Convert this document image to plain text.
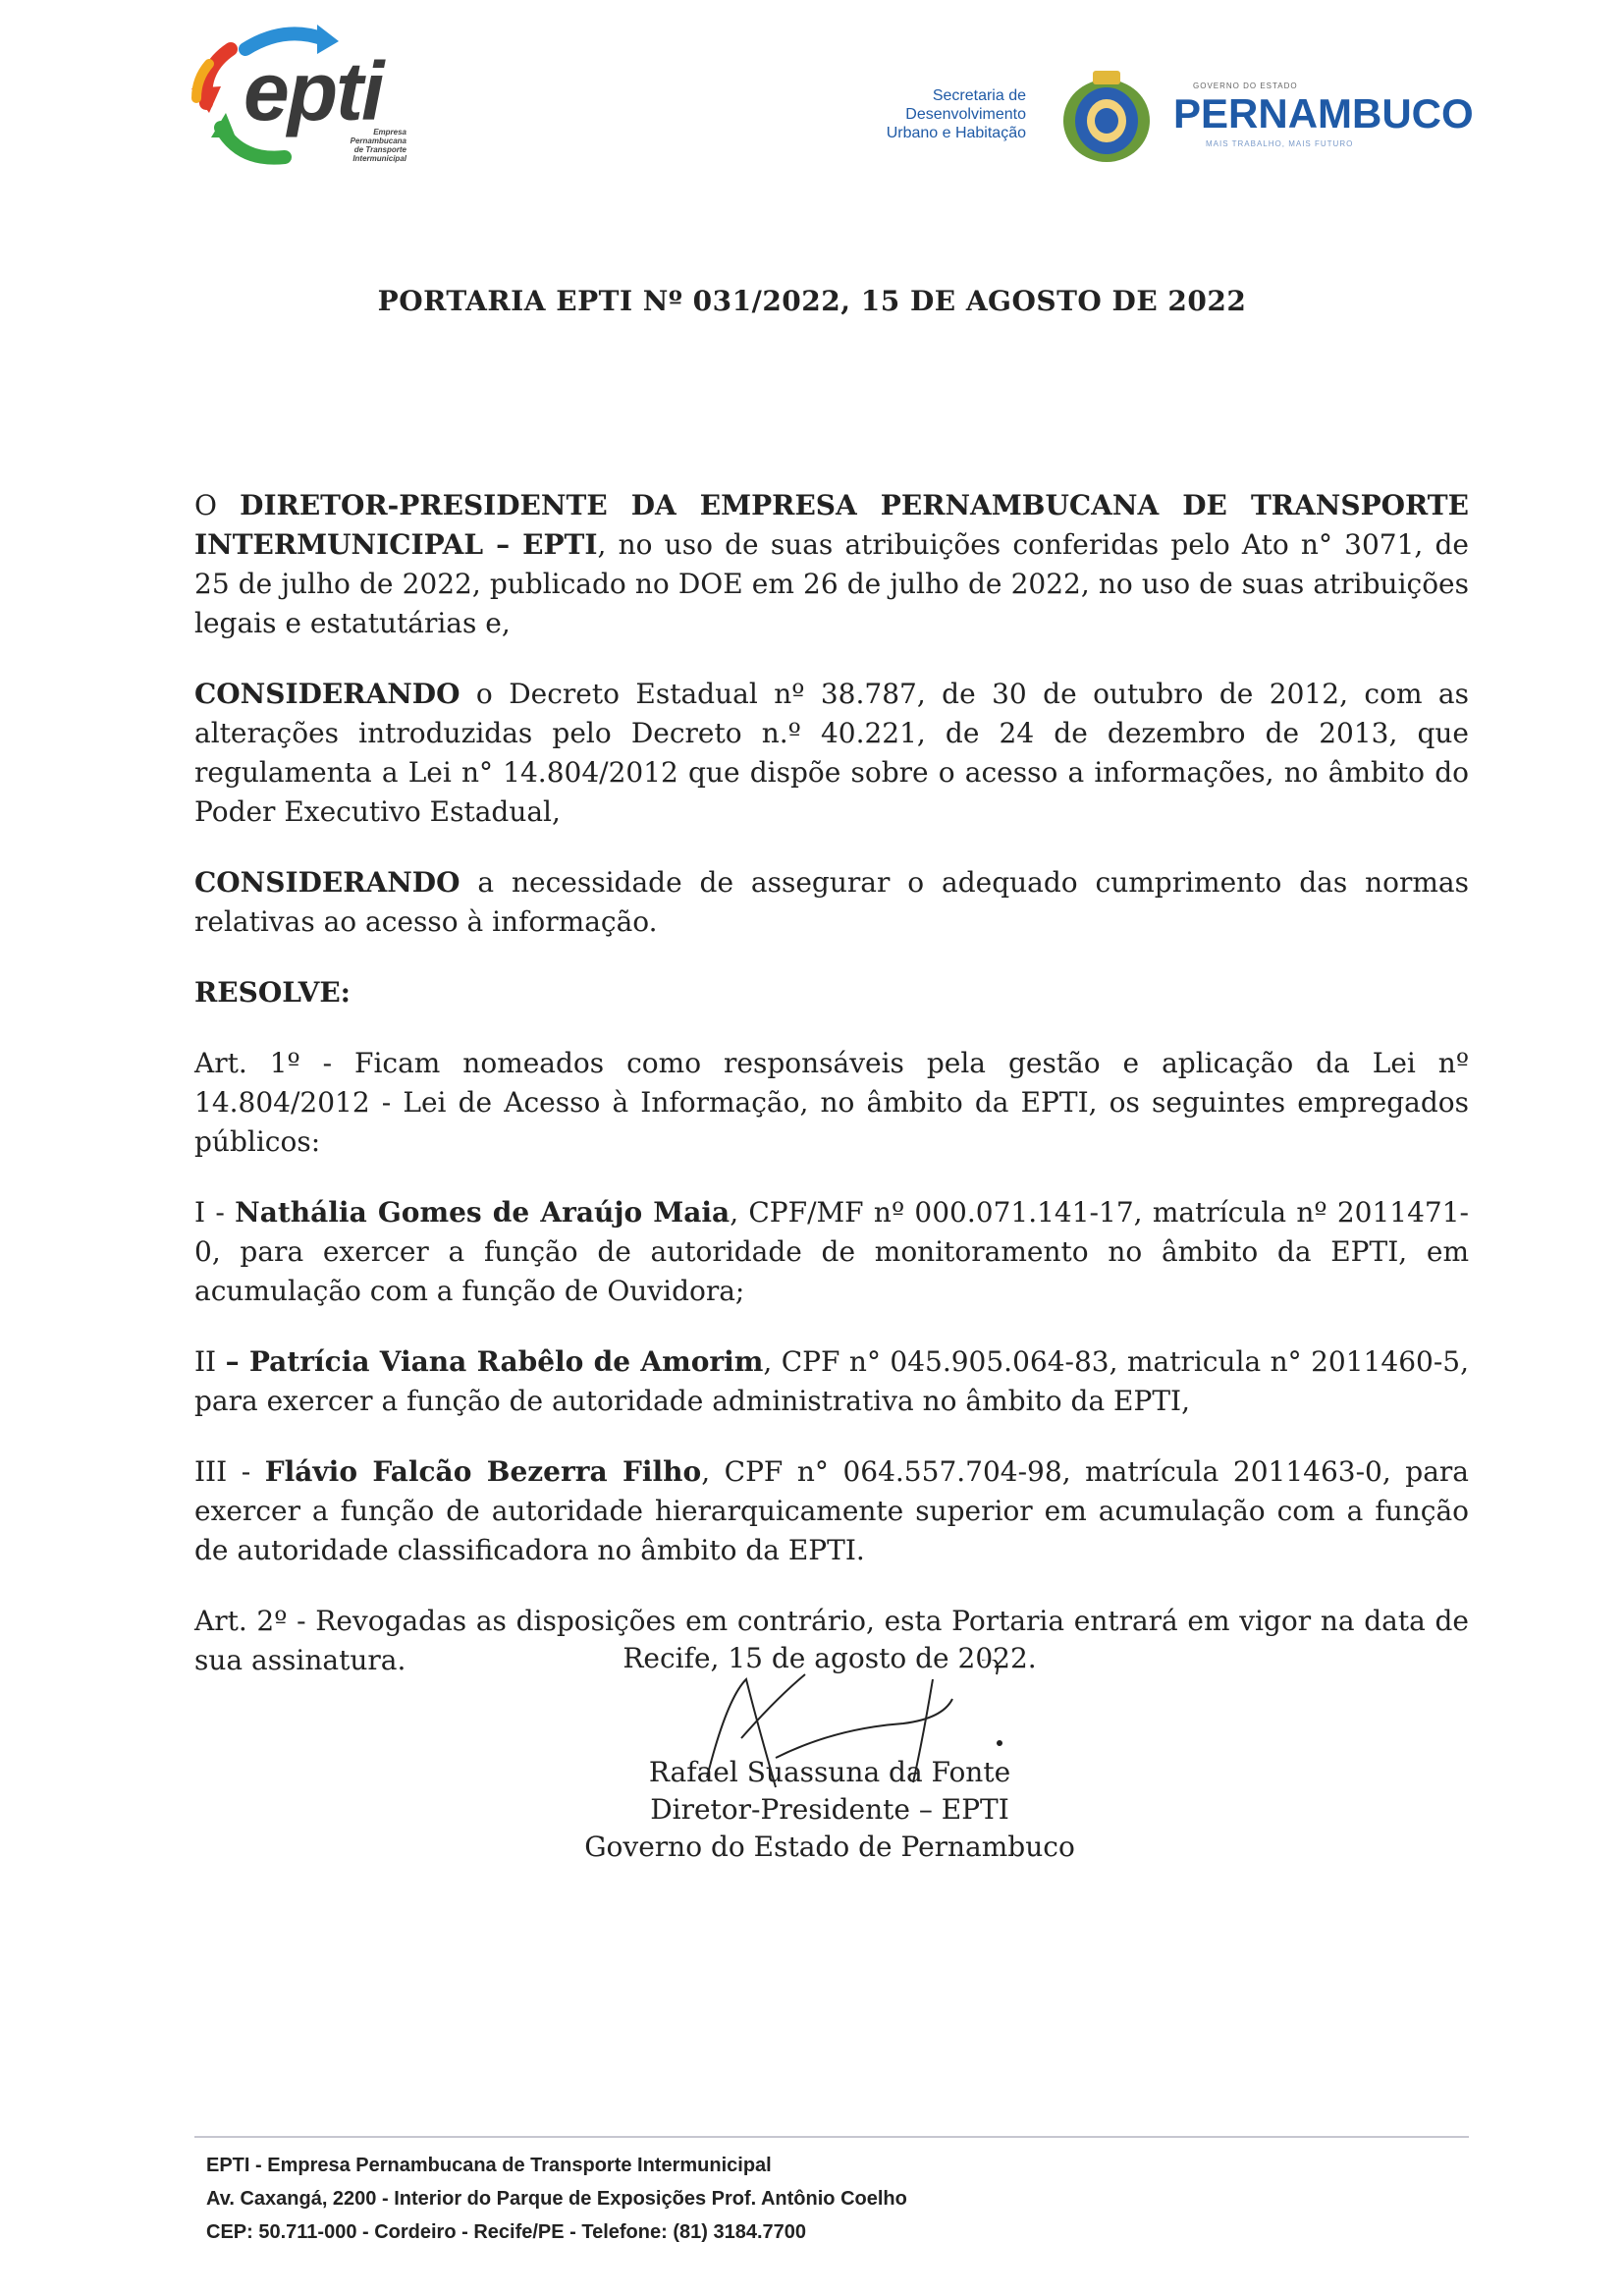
epti
Empresa
Pernambucana
de Transporte
Intermunicipal
Secretaria de
Desenvolvimento
Urbano e Habitação
GOVERNO DO ESTADO
PERNAMBUCO
MAIS TRABALHO, MAIS FUTURO
PORTARIA EPTI Nº 031/2022, 15 DE AGOSTO DE 2022

O DIRETOR-PRESIDENTE DA EMPRESA PERNAMBUCANA DE TRANSPORTE INTERMUNICIPAL – EPTI, no uso de suas atribuições conferidas pelo Ato n° 3071, de 25 de julho de 2022, publicado no DOE em 26 de julho de 2022, no uso de suas atribuições legais e estatutárias e,

CONSIDERANDO o Decreto Estadual nº 38.787, de 30 de outubro de 2012, com as alterações introduzidas pelo Decreto n.º 40.221, de 24 de dezembro de 2013, que regulamenta a Lei n° 14.804/2012 que dispõe sobre o acesso a informações, no âmbito do Poder Executivo Estadual,

CONSIDERANDO a necessidade de assegurar o adequado cumprimento das normas relativas ao acesso à informação.

RESOLVE:

Art. 1º - Ficam nomeados como responsáveis pela gestão e aplicação da Lei nº 14.804/2012 - Lei de Acesso à Informação, no âmbito da EPTI, os seguintes empregados públicos:

I - Nathália Gomes de Araújo Maia, CPF/MF nº 000.071.141-17, matrícula nº 2011471-0, para exercer a função de autoridade de monitoramento no âmbito da EPTI, em acumulação com a função de Ouvidora;

II – Patrícia Viana Rabêlo de Amorim, CPF n° 045.905.064-83, matricula n° 2011460-5, para exercer a função de autoridade administrativa no âmbito da EPTI,

III - Flávio Falcão Bezerra Filho, CPF n° 064.557.704-98, matrícula 2011463-0, para exercer a função de autoridade hierarquicamente superior em acumulação com a função de autoridade classificadora no âmbito da EPTI.

Art. 2º - Revogadas as disposições em contrário, esta Portaria entrará em vigor na data de sua assinatura.	Recife, 15 de agosto de 2022.
Rafael Suassuna da Fonte
Diretor-Presidente – EPTI
Governo do Estado de Pernambuco
EPTI - Empresa Pernambucana de Transporte Intermunicipal
Av. Caxangá, 2200 - Interior do Parque de Exposições Prof. Antônio Coelho
CEP: 50.711-000 - Cordeiro - Recife/PE - Telefone: (81) 3184.7700
